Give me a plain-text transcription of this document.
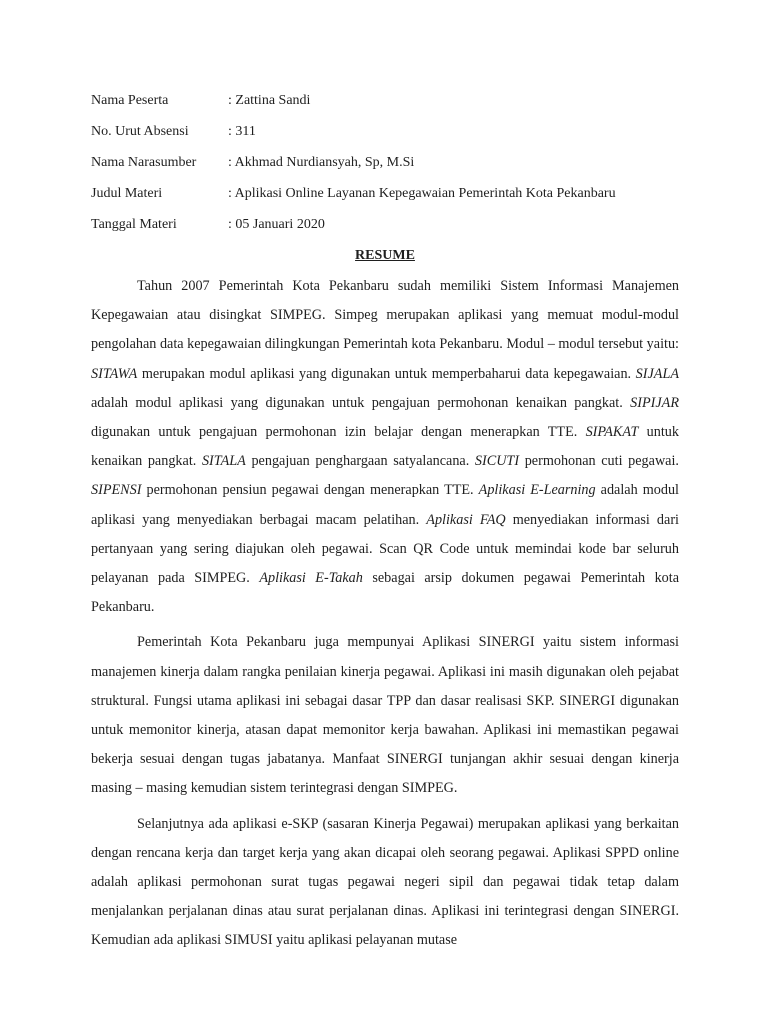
Nama Peserta	: Zattina Sandi
No. Urut Absensi	: 311
Nama Narasumber	: Akhmad Nurdiansyah, Sp, M.Si
Judul Materi	: Aplikasi Online Layanan Kepegawaian Pemerintah Kota Pekanbaru
Tanggal Materi	: 05 Januari 2020
RESUME

Tahun 2007 Pemerintah Kota Pekanbaru sudah memiliki Sistem Informasi Manajemen Kepegawaian atau disingkat SIMPEG. Simpeg merupakan aplikasi yang memuat modul-modul pengolahan data kepegawaian dilingkungan Pemerintah kota Pekanbaru. Modul – modul tersebut yaitu: SITAWA merupakan modul aplikasi yang digunakan untuk memperbaharui data kepegawaian. SIJALA adalah modul aplikasi yang digunakan untuk pengajuan permohonan kenaikan pangkat. SIPIJAR digunakan untuk pengajuan permohonan izin belajar dengan menerapkan TTE. SIPAKAT untuk kenaikan pangkat. SITALA pengajuan penghargaan satyalancana. SICUTI permohonan cuti pegawai. SIPENSI permohonan pensiun pegawai dengan menerapkan TTE. Aplikasi E-Learning adalah modul aplikasi yang menyediakan berbagai macam pelatihan. Aplikasi FAQ menyediakan informasi dari pertanyaan yang sering diajukan oleh pegawai. Scan QR Code untuk memindai kode bar seluruh pelayanan pada SIMPEG. Aplikasi E-Takah sebagai arsip dokumen pegawai Pemerintah kota Pekanbaru.

Pemerintah Kota Pekanbaru juga mempunyai Aplikasi SINERGI yaitu sistem informasi manajemen kinerja dalam rangka penilaian kinerja pegawai. Aplikasi ini masih digunakan oleh pejabat struktural. Fungsi utama aplikasi ini sebagai dasar TPP dan dasar realisasi SKP. SINERGI digunakan untuk memonitor kinerja, atasan dapat memonitor kerja bawahan. Aplikasi ini memastikan pegawai bekerja sesuai dengan tugas jabatanya. Manfaat SINERGI tunjangan akhir sesuai dengan kinerja masing – masing kemudian sistem terintegrasi dengan SIMPEG.

Selanjutnya ada aplikasi e-SKP (sasaran Kinerja Pegawai) merupakan aplikasi yang berkaitan dengan rencana kerja dan target kerja yang akan dicapai oleh seorang pegawai. Aplikasi SPPD online adalah aplikasi permohonan surat tugas pegawai negeri sipil dan pegawai tidak tetap dalam menjalankan perjalanan dinas atau surat perjalanan dinas. Aplikasi ini terintegrasi dengan SINERGI. Kemudian ada aplikasi SIMUSI yaitu aplikasi pelayanan mutase
